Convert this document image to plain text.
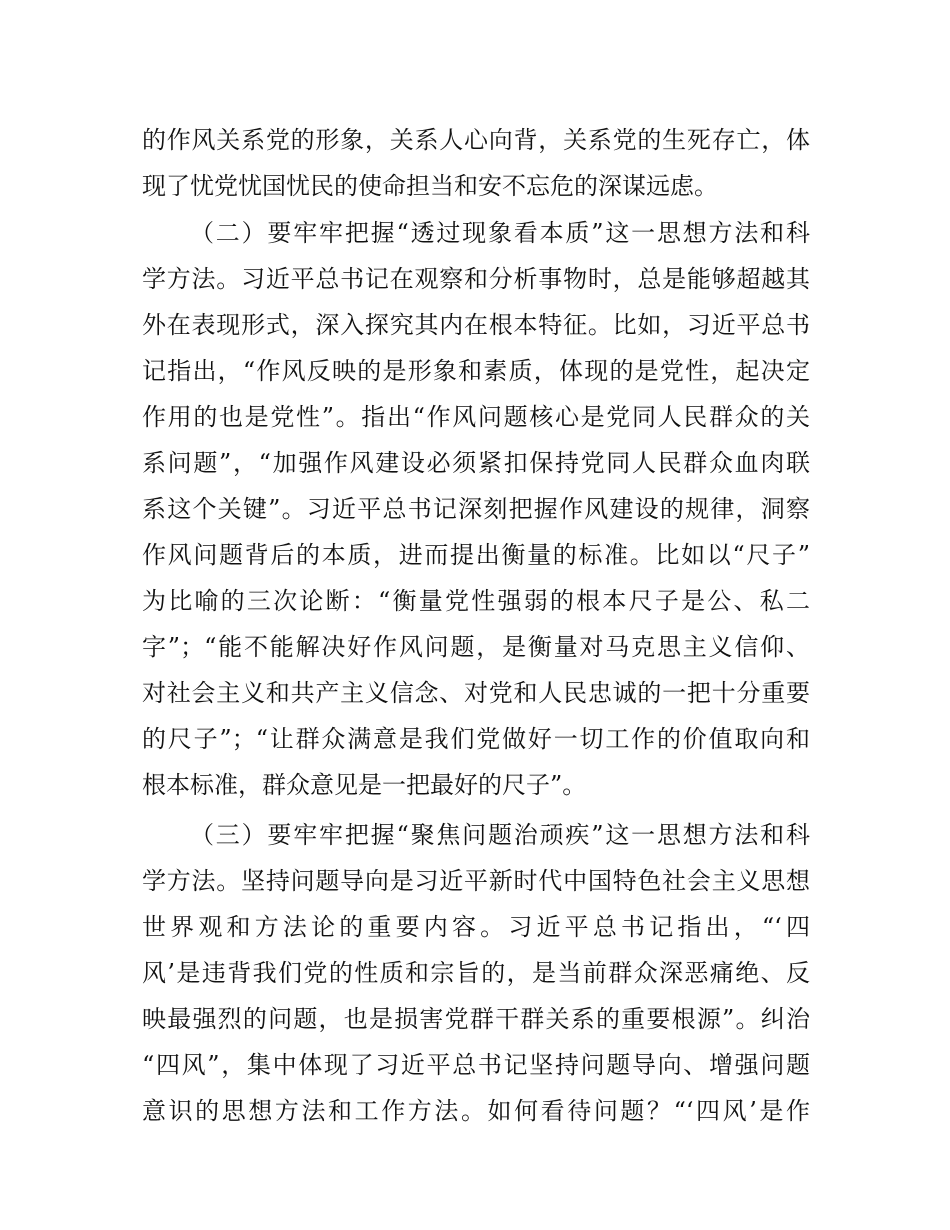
的作风关系党的形象，关系人心向背，关系党的生死存亡，体
现了忧党忧国忧民的使命担当和安不忘危的深谋远虑。
（二）要牢牢把握“透过现象看本质”这一思想方法和科
学方法。习近平总书记在观察和分析事物时，总是能够超越其
外在表现形式，深入探究其内在根本特征。比如，习近平总书
记指出，“作风反映的是形象和素质，体现的是党性，起决定
作用的也是党性”。指出“作风问题核心是党同人民群众的关
系问题”，“加强作风建设必须紧扣保持党同人民群众血肉联
系这个关键”。习近平总书记深刻把握作风建设的规律，洞察
作风问题背后的本质，进而提出衡量的标准。比如以“尺子”
为比喻的三次论断：“衡量党性强弱的根本尺子是公、私二
字”；“能不能解决好作风问题，是衡量对马克思主义信仰、
对社会主义和共产主义信念、对党和人民忠诚的一把十分重要
的尺子”；“让群众满意是我们党做好一切工作的价值取向和
根本标准，群众意见是一把最好的尺子”。
（三）要牢牢把握“聚焦问题治顽疾”这一思想方法和科
学方法。坚持问题导向是习近平新时代中国特色社会主义思想
世界观和方法论的重要内容。习近平总书记指出，“‘四
风’是违背我们党的性质和宗旨的，是当前群众深恶痛绝、反
映最强烈的问题，也是损害党群干群关系的重要根源”。纠治
“四风”，集中体现了习近平总书记坚持问题导向、增强问题
意识的思想方法和工作方法。如何看待问题？“‘四风’是作
